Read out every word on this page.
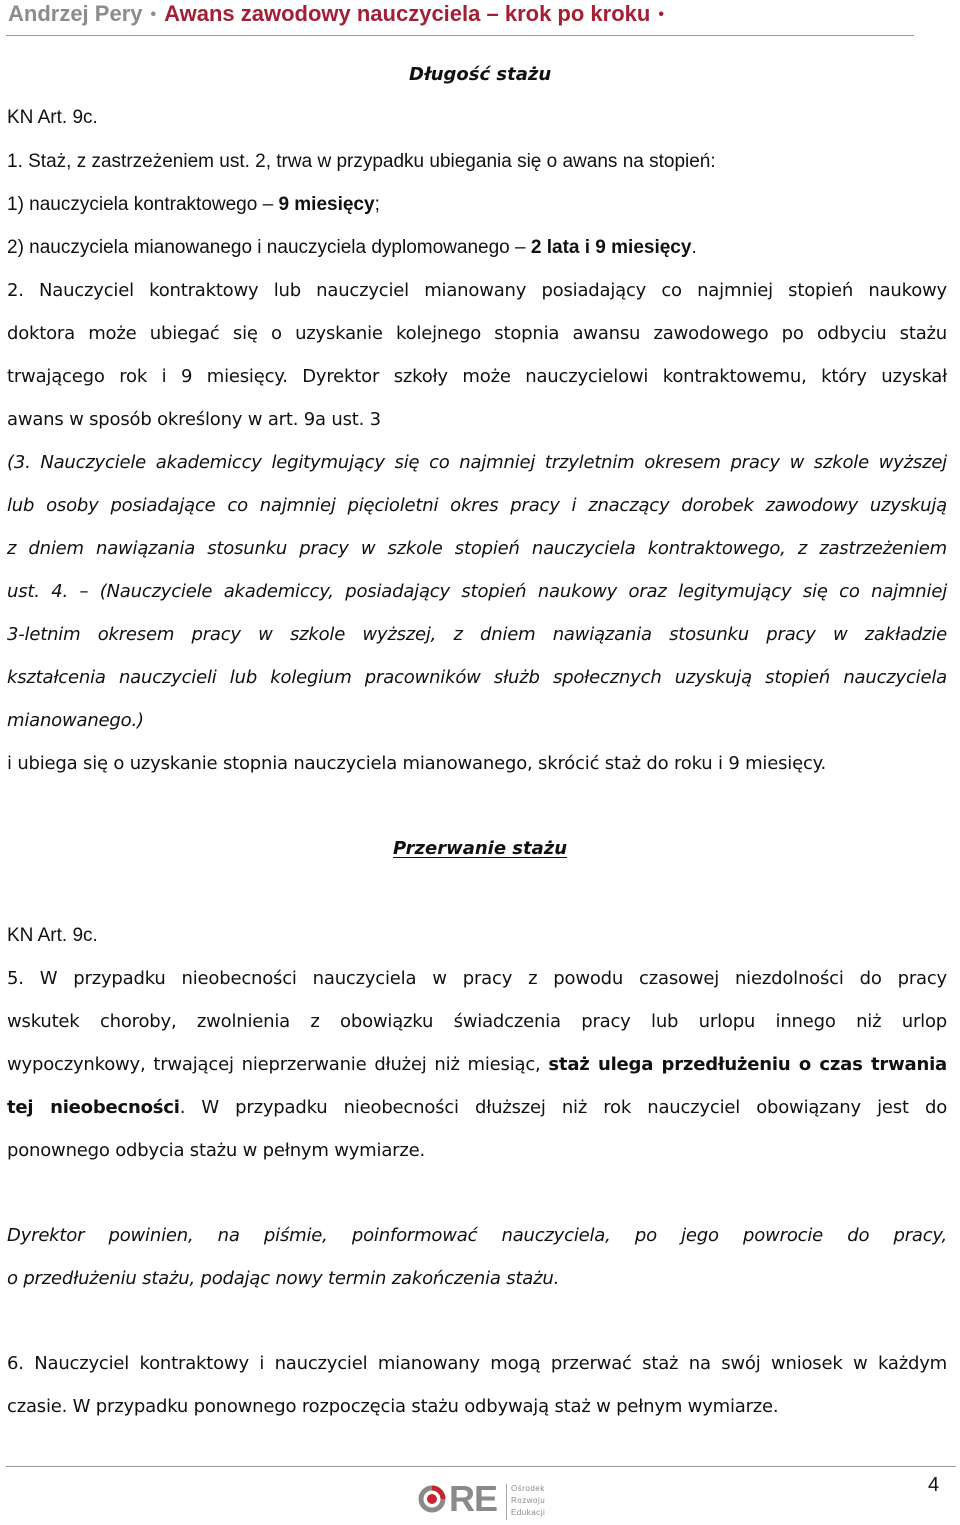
Andrzej Pery • Awans zawodowy nauczyciela – krok po kroku •
Długość stażu
KN Art. 9c.
1. Staż, z zastrzeżeniem ust. 2, trwa w przypadku ubiegania się o awans na stopień:
1) nauczyciela kontraktowego – 9 miesięcy;
2) nauczyciela mianowanego i nauczyciela dyplomowanego – 2 lata i 9 miesięcy.
2. Nauczyciel kontraktowy lub nauczyciel mianowany posiadający co najmniej stopień naukowy
doktora może ubiegać się o uzyskanie kolejnego stopnia awansu zawodowego po odbyciu stażu
trwającego rok i 9 miesięcy. Dyrektor szkoły może nauczycielowi kontraktowemu, który uzyskał
awans w sposób określony w art. 9a ust. 3
(3. Nauczyciele akademiccy legitymujący się co najmniej trzyletnim okresem pracy w szkole wyższej
lub osoby posiadające co najmniej pięcioletni okres pracy i znaczący dorobek zawodowy uzyskują
z dniem nawiązania stosunku pracy w szkole stopień nauczyciela kontraktowego, z zastrzeżeniem
ust. 4. – (Nauczyciele akademiccy, posiadający stopień naukowy oraz legitymujący się co najmniej
3-letnim okresem pracy w szkole wyższej, z dniem nawiązania stosunku pracy w zakładzie
kształcenia nauczycieli lub kolegium pracowników służb społecznych uzyskują stopień nauczyciela
mianowanego.)
i ubiega się o uzyskanie stopnia nauczyciela mianowanego, skrócić staż do roku i 9 miesięcy.
Przerwanie stażu
KN Art. 9c.
5. W przypadku nieobecności nauczyciela w pracy z powodu czasowej niezdolności do pracy
wskutek choroby, zwolnienia z obowiązku świadczenia pracy lub urlopu innego niż urlop
wypoczynkowy, trwającej nieprzerwanie dłużej niż miesiąc, staż ulega przedłużeniu o czas trwania
tej nieobecności. W przypadku nieobecności dłuższej niż rok nauczyciel obowiązany jest do
ponownego odbycia stażu w pełnym wymiarze.
Dyrektor powinien, na piśmie, poinformować nauczyciela, po jego powrocie do pracy,
o przedłużeniu stażu, podając nowy termin zakończenia stażu.
6. Nauczyciel kontraktowy i nauczyciel mianowany mogą przerwać staż na swój wniosek w każdym
czasie. W przypadku ponownego rozpoczęcia stażu odbywają staż w pełnym wymiarze.
4
RE Ośrodek
Rozwoju
Edukacji
